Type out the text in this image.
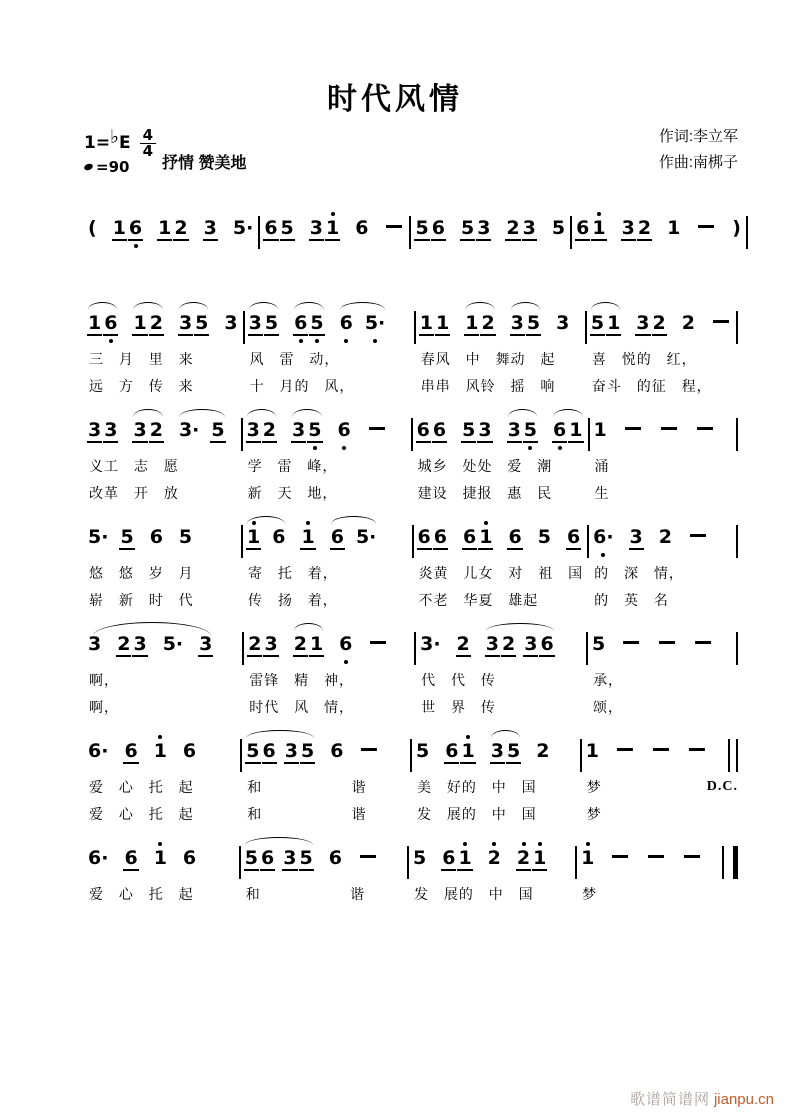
时代风情
1=♭E $\frac{4}{4}$
=90 抒情 赞美地
作词:李立军
作曲:南梆子
( 1 6 1 2 3 5· 6 5 3 1 6 5 6 5 3 2 3 5 6 1 3 2 1	)
1 6 1 2 3 5 3
三 月 里 来
远 方 传 来
3 5 6 5 6 5·
风 雷 动，
十 月的 风，
1 1 1 2 3 5 3
春风 中 舞动 起
串串 风铃 摇 响
5 1 3 2 2
喜 悦的 红，
奋斗 的征 程，
3 3 3 2 3· 5
义工 志 愿
改革 开 放
3 2 3 5 6
学 雷 峰，
新 天 地，
6 6 5 3 3 5 6 1
城乡 处处 爱 潮
建设 捷报 惠 民
1
涌
生
5· 5 6 5
悠 悠 岁 月
崭 新 时 代
1 6 1 6 5·
寄 托 着，
传 扬 着，
6 6 6 1 6 5 6
炎黄 儿女 对 祖 国
不老 华夏 雄起
6· 3 2
的 深 情，
的 英 名
3 2 3 5· 3
啊，
啊，
2 3 2 1 6
雷锋 精 神，
时代 风 情，
3· 2 3 2 3 6
代 代 传
世 界 传
5
承，
颂，
6· 6 1 6
爱 心 托 起
爱 心 托 起
5 6 3 5 6
和      谐
和      谐
5 6 1 3 5 2
美 好的 中 国
发 展的 中 国
1
梦
梦
D.C.
6· 6 1 6
爱 心 托 起
5 6 3 5 6
和      谐
5 6 1 2 2 1
发 展的 中 国
1
梦
歌谱简谱网 jianpu.cn
